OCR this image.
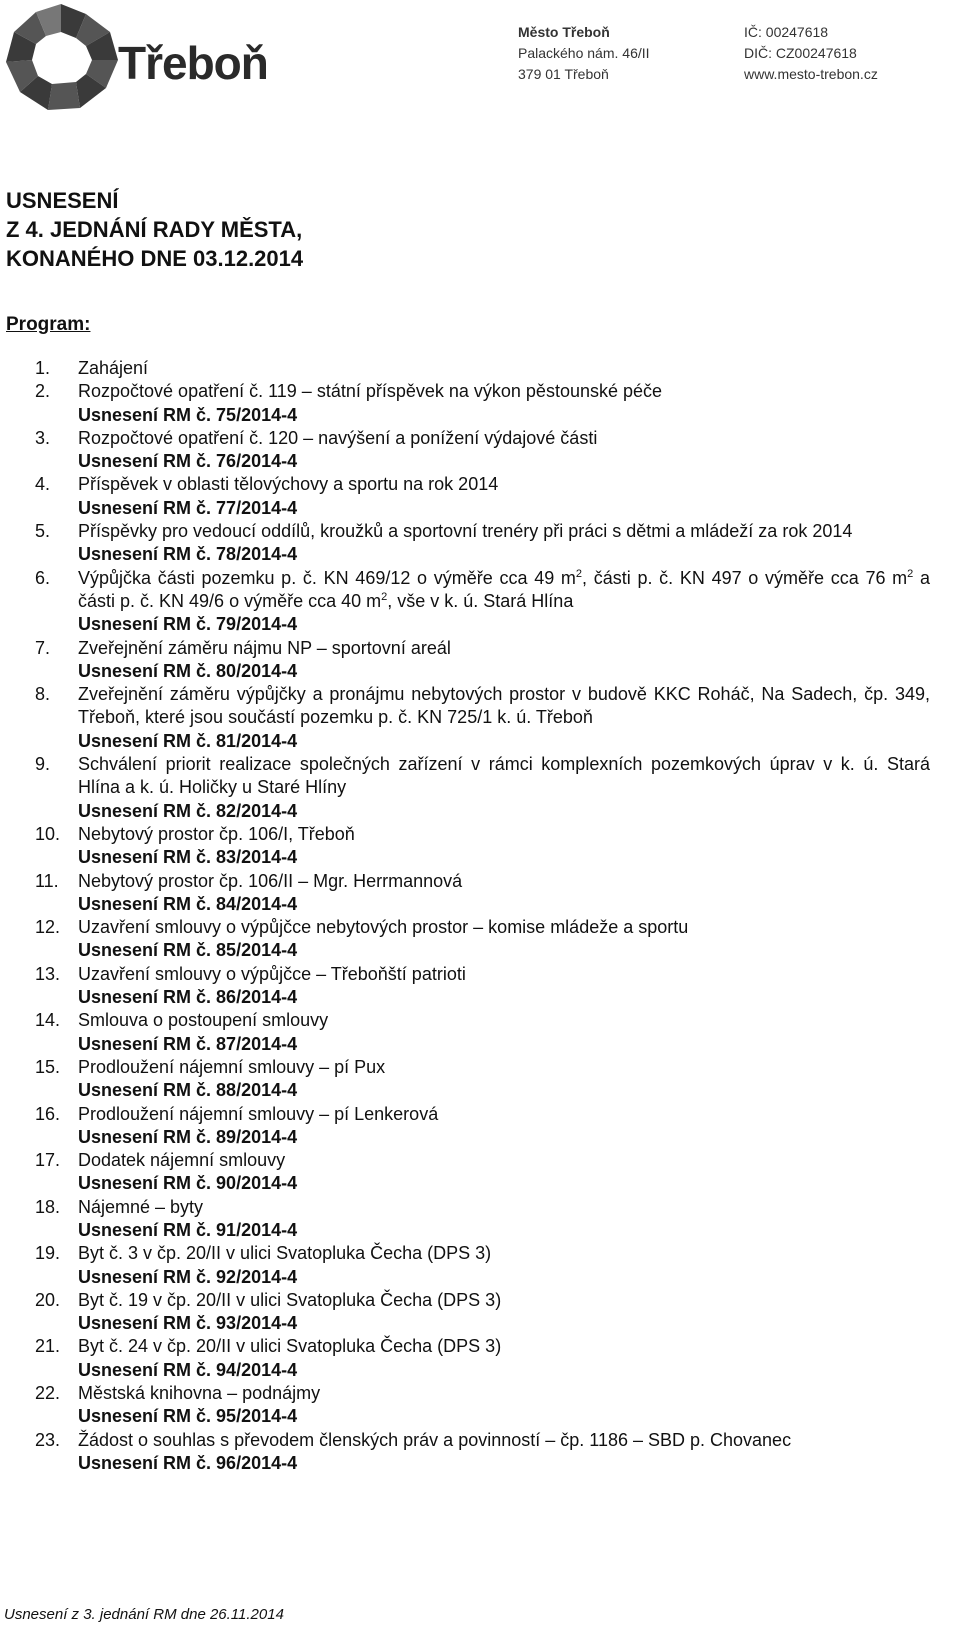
Třeboň
Město Třeboň
Palackého nám. 46/II
379 01 Třeboň
IČ: 00247618
DIČ: CZ00247618
www.mesto-trebon.cz
USNESENÍ
Z 4. JEDNÁNÍ RADY MĚSTA,
KONANÉHO DNE 03.12.2014
Program:
1.	Zahájení
2.	Rozpočtové opatření č. 119 – státní příspěvek na výkon pěstounské péče
Usnesení RM č. 75/2014-4
3.	Rozpočtové opatření č. 120 – navýšení a ponížení výdajové části
Usnesení RM č. 76/2014-4
4.	Příspěvek v oblasti tělovýchovy a sportu na rok 2014
Usnesení RM č. 77/2014-4
5.	Příspěvky pro vedoucí oddílů, kroužků a sportovní trenéry při práci s dětmi a mládeží za rok 2014
Usnesení RM č. 78/2014-4
6.	Výpůjčka části pozemku p. č. KN 469/12 o výměře cca 49 $m^2$, části p. č. KN 497 o výměře cca 76 $m^2$ a části p. č. KN 49/6 o výměře cca 40 $m^2$, vše v k. ú. Stará Hlína
Usnesení RM č. 79/2014-4
7.	Zveřejnění záměru nájmu NP – sportovní areál
Usnesení RM č. 80/2014-4
8.	Zveřejnění záměru výpůjčky a pronájmu nebytových prostor v budově KKC Roháč, Na Sadech, čp. 349, Třeboň, které jsou součástí pozemku p. č. KN 725/1 k. ú. Třeboň
Usnesení RM č. 81/2014-4
9.	Schválení priorit realizace společných zařízení v rámci komplexních pozemkových úprav v k. ú. Stará Hlína a k. ú. Holičky u Staré Hlíny
Usnesení RM č. 82/2014-4
10. Nebytový prostor čp. 106/I, Třeboň
Usnesení RM č. 83/2014-4
11.	Nebytový prostor čp. 106/II – Mgr. Herrmannová
Usnesení RM č. 84/2014-4
12. Uzavření smlouvy o výpůjčce nebytových prostor – komise mládeže a sportu
Usnesení RM č. 85/2014-4
13. Uzavření smlouvy o výpůjčce – Třeboňští patrioti
Usnesení RM č. 86/2014-4
14. Smlouva o postoupení smlouvy
Usnesení RM č. 87/2014-4
15. Prodloužení nájemní smlouvy – pí Pux
Usnesení RM č. 88/2014-4
16. Prodloužení nájemní smlouvy – pí Lenkerová
Usnesení RM č. 89/2014-4
17. Dodatek nájemní smlouvy
Usnesení RM č. 90/2014-4
18. Nájemné – byty
Usnesení RM č. 91/2014-4
19. Byt č. 3 v čp. 20/II v ulici Svatopluka Čecha (DPS 3)
Usnesení RM č. 92/2014-4
20. Byt č. 19 v čp. 20/II v ulici Svatopluka Čecha (DPS 3)
Usnesení RM č. 93/2014-4
21. Byt č. 24 v čp. 20/II v ulici Svatopluka Čecha (DPS 3)
Usnesení RM č. 94/2014-4
22. Městská knihovna – podnájmy
Usnesení RM č. 95/2014-4
23. Žádost o souhlas s převodem členských práv a povinností – čp. 1186 – SBD p. Chovanec
Usnesení RM č. 96/2014-4
Usnesení z 3. jednání RM dne 26.11.2014
